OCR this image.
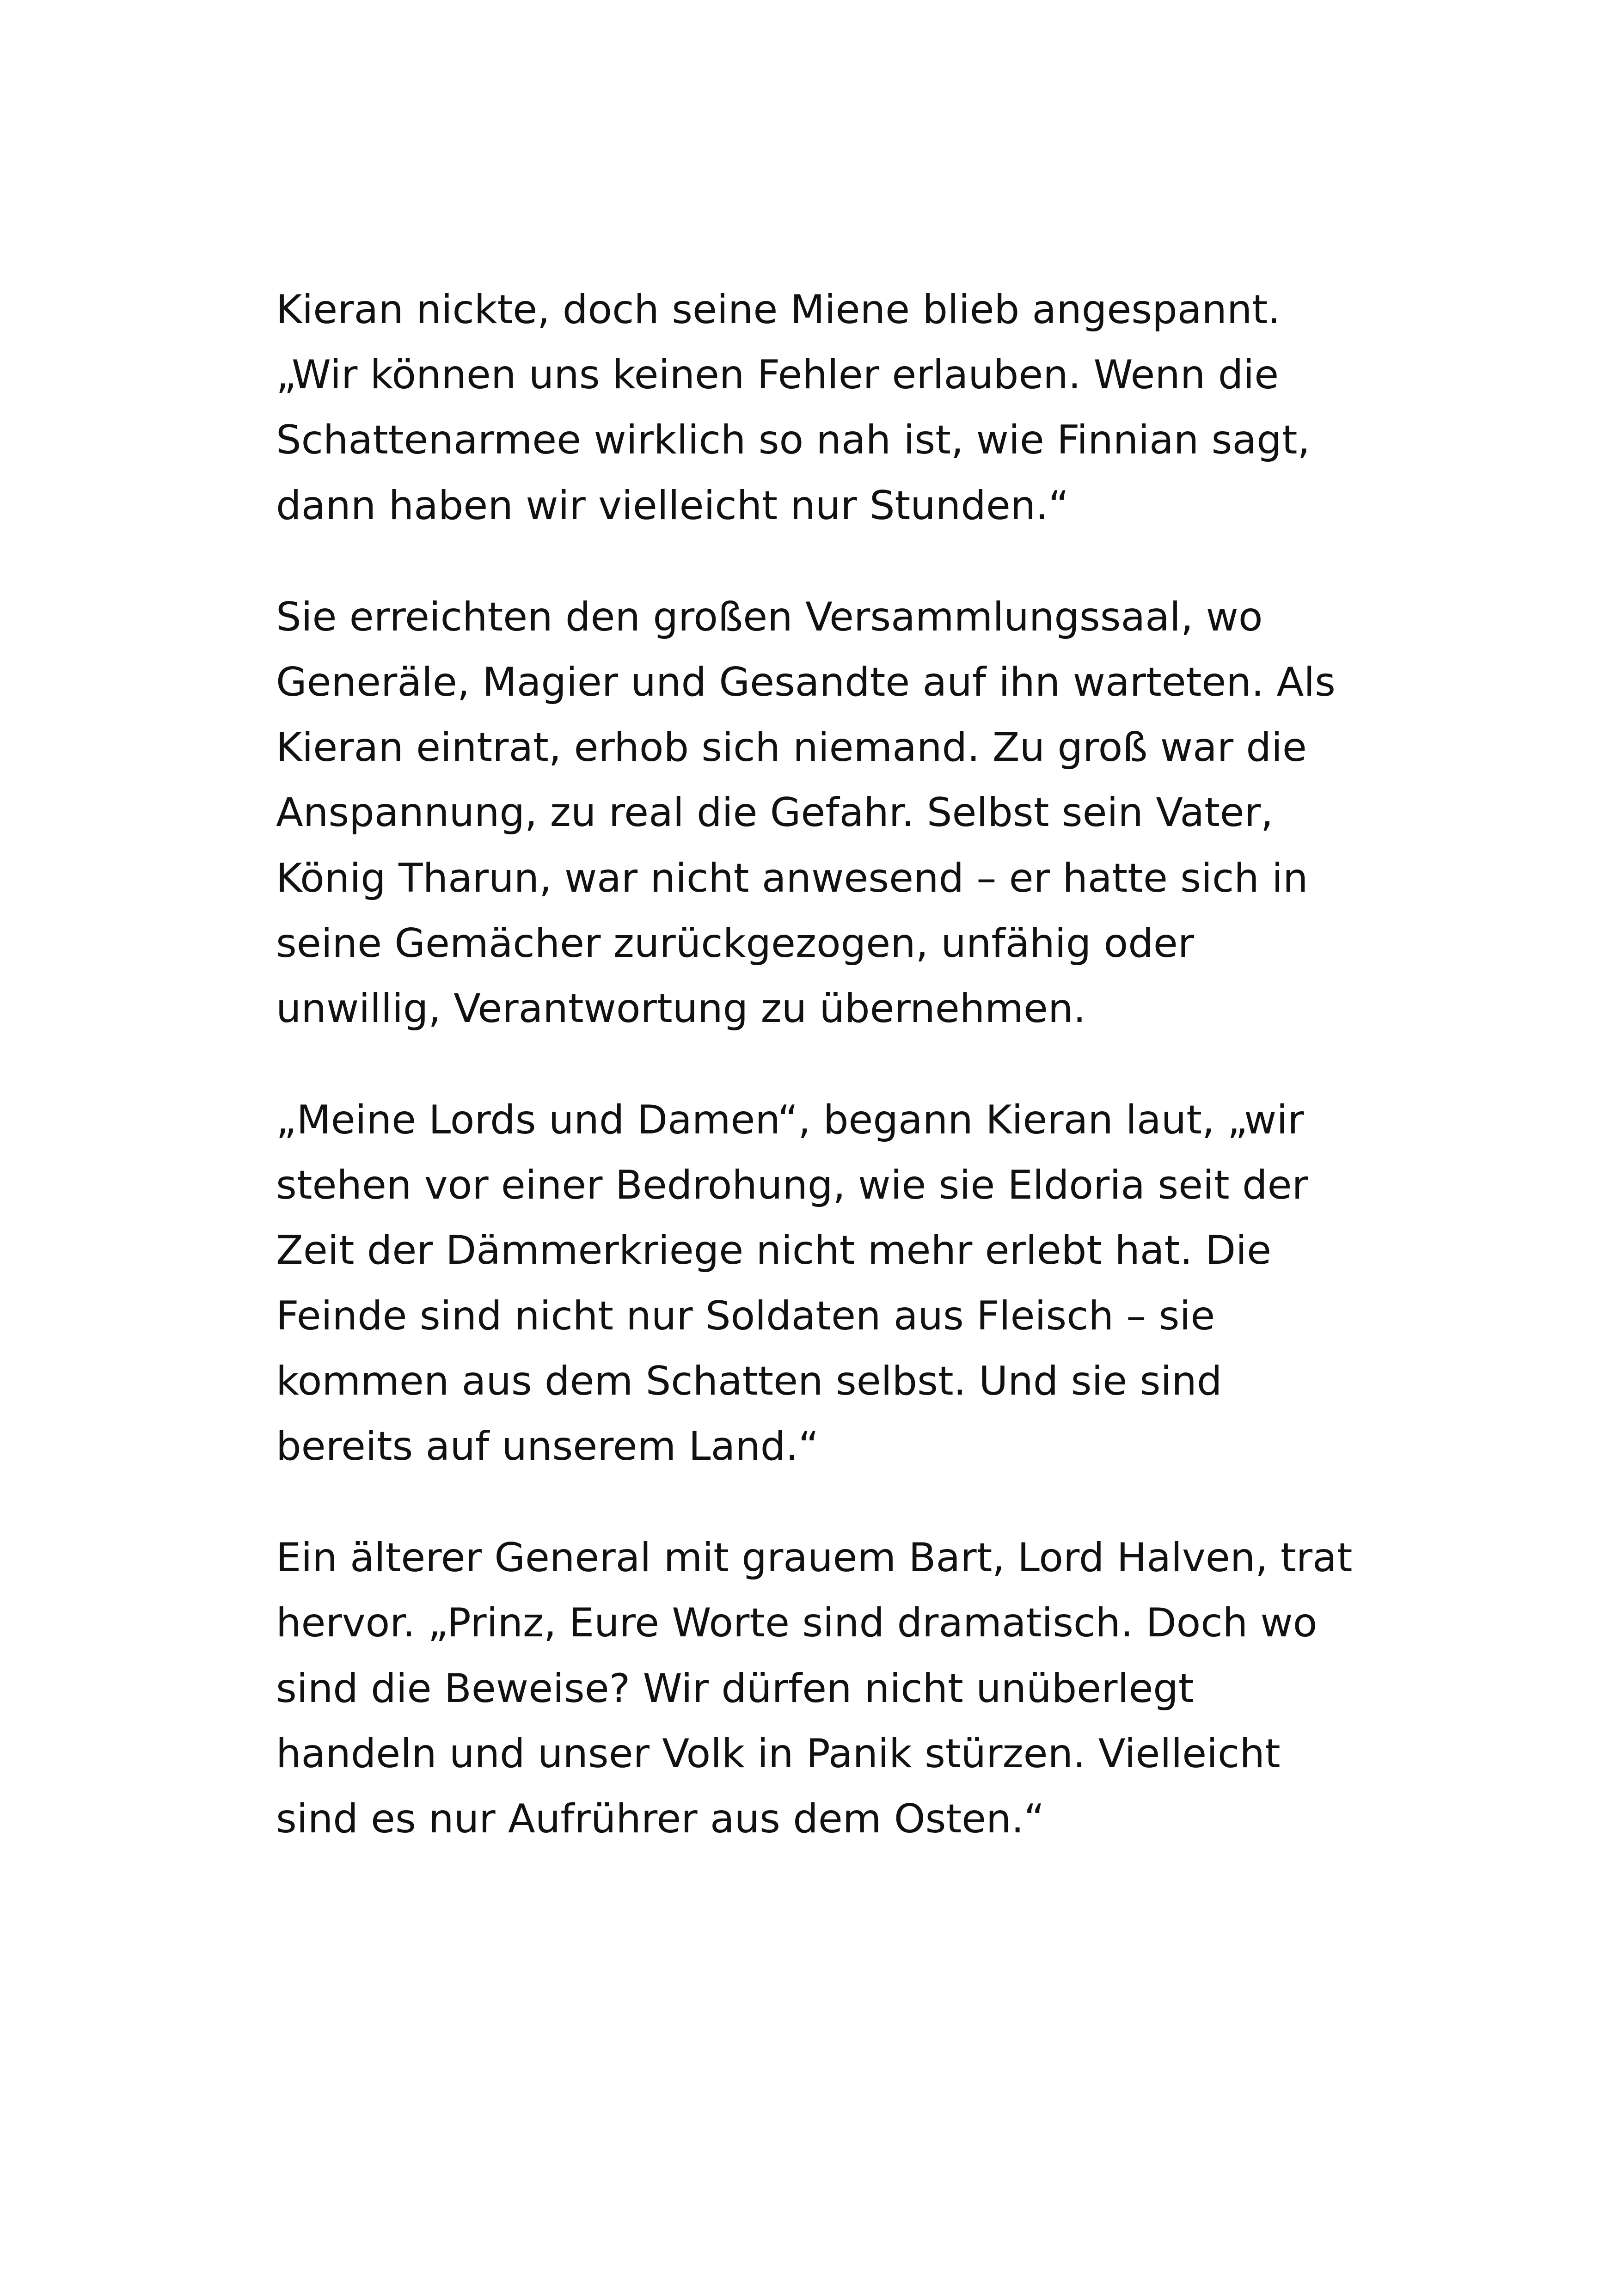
Kieran nickte, doch seine Miene blieb angespannt.
„Wir können uns keinen Fehler erlauben. Wenn die
Schattenarmee wirklich so nah ist, wie Finnian sagt,
dann haben wir vielleicht nur Stunden.“
Sie erreichten den großen Versammlungssaal, wo
Generäle, Magier und Gesandte auf ihn warteten. Als
Kieran eintrat, erhob sich niemand. Zu groß war die
Anspannung, zu real die Gefahr. Selbst sein Vater,
König Tharun, war nicht anwesend – er hatte sich in
seine Gemächer zurückgezogen, unfähig oder
unwillig, Verantwortung zu übernehmen.
„Meine Lords und Damen“, begann Kieran laut, „wir
stehen vor einer Bedrohung, wie sie Eldoria seit der
Zeit der Dämmerkriege nicht mehr erlebt hat. Die
Feinde sind nicht nur Soldaten aus Fleisch – sie
kommen aus dem Schatten selbst. Und sie sind
bereits auf unserem Land.“
Ein älterer General mit grauem Bart, Lord Halven, trat
hervor. „Prinz, Eure Worte sind dramatisch. Doch wo
sind die Beweise? Wir dürfen nicht unüberlegt
handeln und unser Volk in Panik stürzen. Vielleicht
sind es nur Aufrührer aus dem Osten.“
